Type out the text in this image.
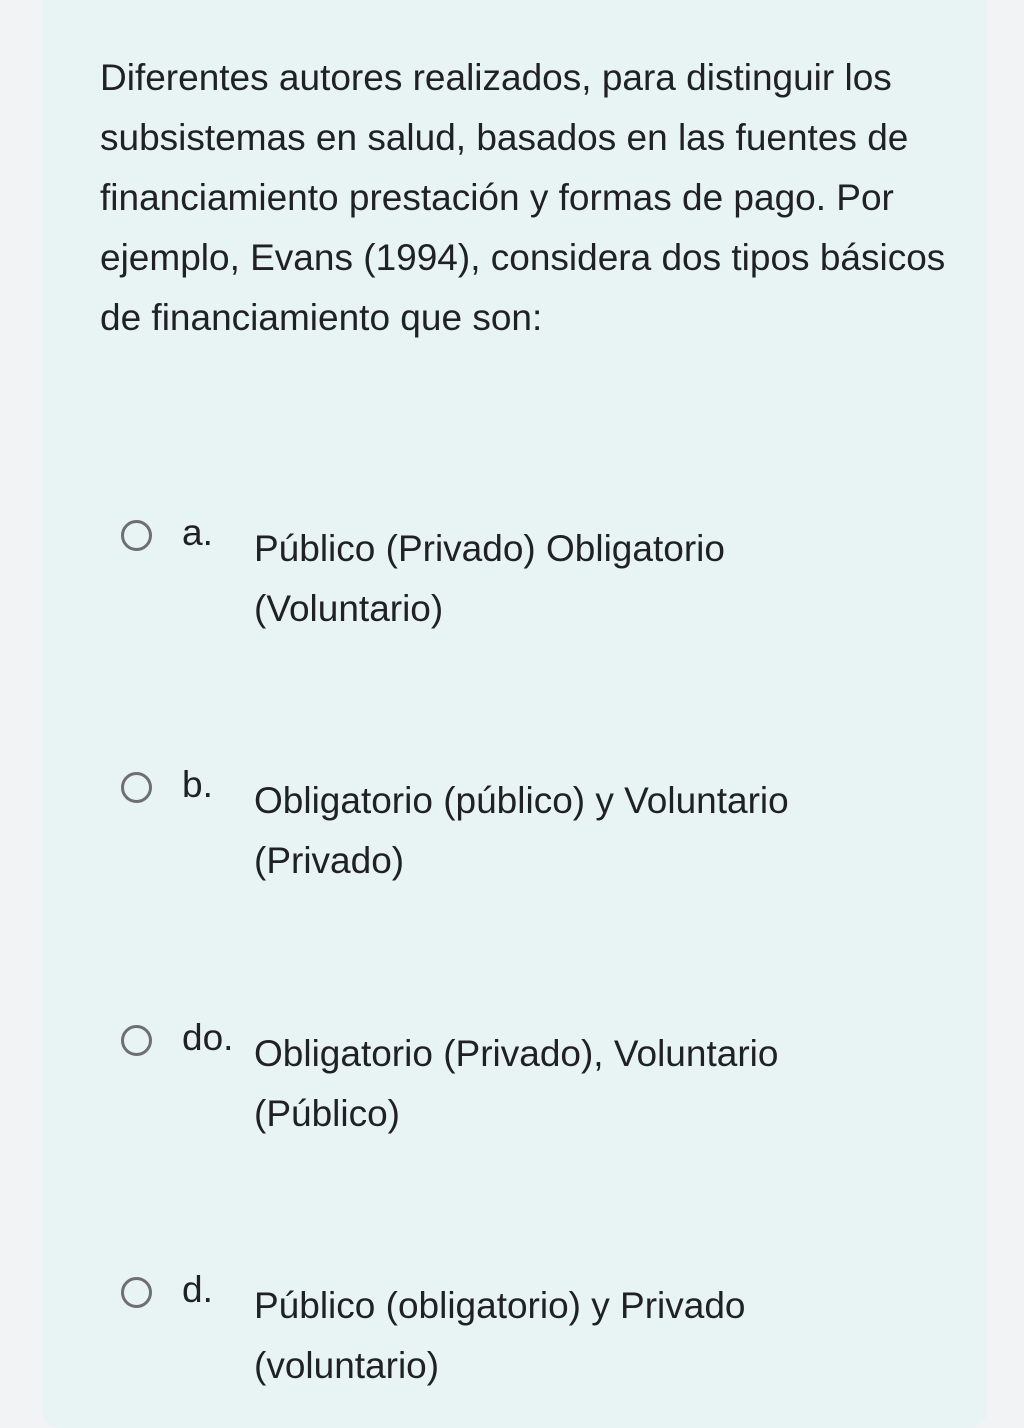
Diferentes autores realizados, para distinguir los subsistemas en salud, basados en las fuentes de financiamiento prestación y formas de pago. Por ejemplo, Evans (1994), considera dos tipos básicos de financiamiento que son:
a. Público (Privado) Obligatorio (Voluntario)
b. Obligatorio (público) y Voluntario (Privado)
do. Obligatorio (Privado), Voluntario (Público)
d. Público (obligatorio) y Privado (voluntario)
